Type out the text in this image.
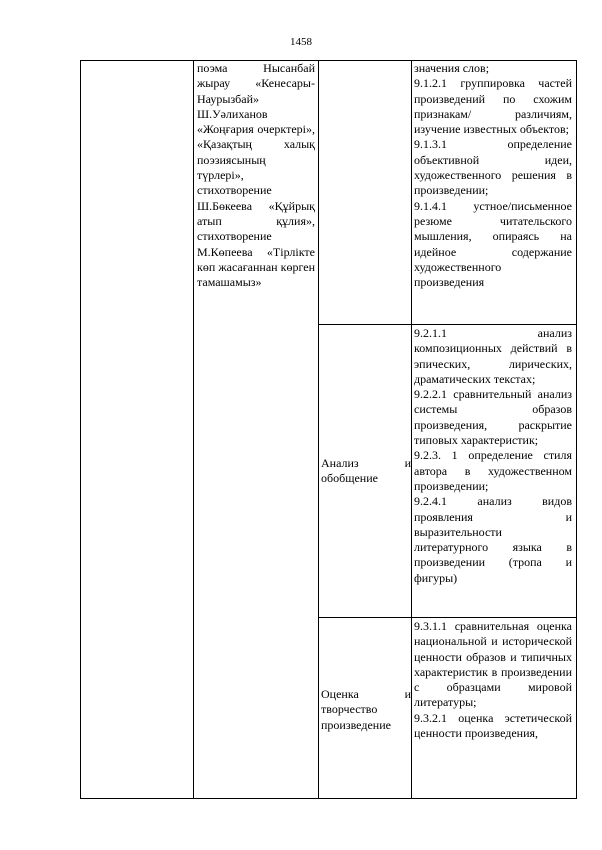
1458

поэма Нысанбай жырау «Кенесары-Наурызбай» Ш.Уәлиханов «Жоңғария очерктері», «Қазақтың халық поэзиясының түрлері», стихотворение Ш.Бөкеева «Құйрық атып құлия», стихотворение М.Көпеева «Тірлікте көп жасағаннан көрген тамашамыз»

значения слов;

9.1.2.1 группировка частей произведений по схожим признакам/ различиям, изучение известных объектов;

9.1.3.1 определение объективной идеи, художественного решения в произведении;

9.1.4.1 устное/письменное резюме читательского мышления, опираясь на идейное содержание художественного произведения

Анализ и обобщение

9.2.1.1 анализ композиционных действий в эпических, лирических, драматических текстах;

9.2.2.1 сравнительный анализ системы образов произведения, раскрытие типовых характеристик;

9.2.3. 1 определение стиля автора в художественном произведении;

9.2.4.1 анализ видов проявления и выразительности литературного языка в произведении (тропа и фигуры)

Оценка и творчество произведение

9.3.1.1 сравнительная оценка национальной и исторической ценности образов и типичных характеристик в произведении с образцами мировой литературы;

9.3.2.1 оценка эстетической ценности произведения,
